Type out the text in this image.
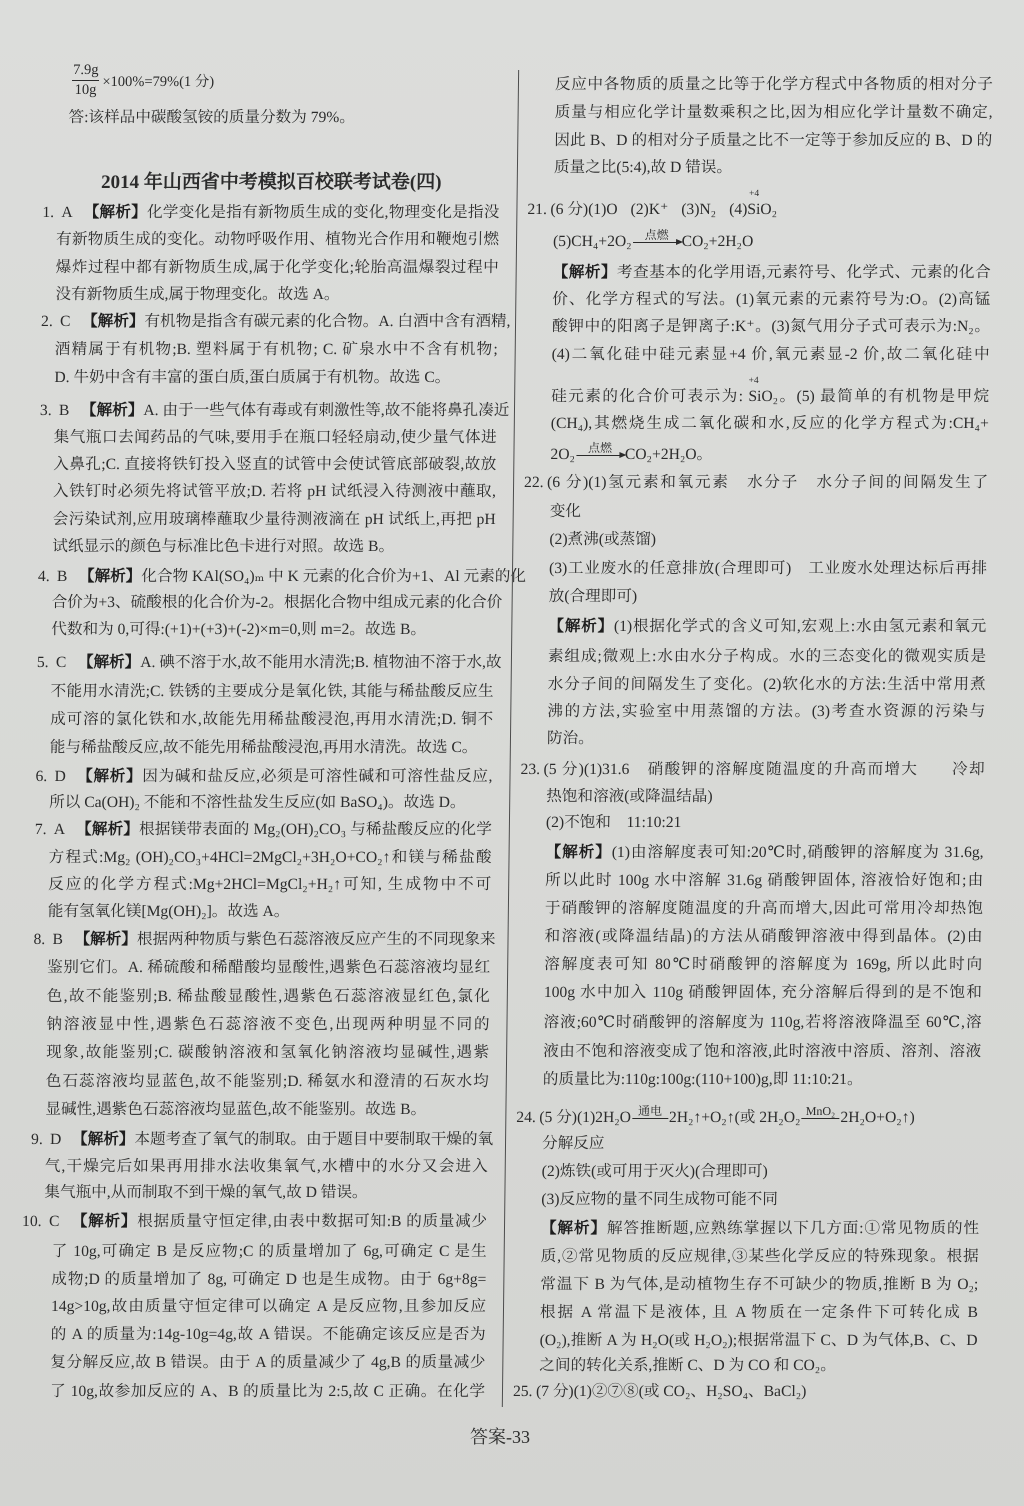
$\frac{7.9g}{10g} \times 100\%=79\%(1$ 分)
答:该样品中碳酸氢铵的质量分数为 79%。
2014 年山西省中考模拟百校联考试卷(四)
1. A 【解析】化学变化是指有新物质生成的变化,物理变化是指没
有新物质生成的变化。动物呼吸作用、植物光合作用和鞭炮引燃
爆炸过程中都有新物质生成,属于化学变化;轮胎高温爆裂过程中
没有新物质生成,属于物理变化。故选 A。
2. C 【解析】有机物是指含有碳元素的化合物。A. 白酒中含有酒精,
酒精属于有机物;B. 塑料属于有机物; C. 矿泉水中不含有机物;
D. 牛奶中含有丰富的蛋白质,蛋白质属于有机物。故选 C。
3. B 【解析】A. 由于一些气体有毒或有刺激性等,故不能将鼻孔凑近
集气瓶口去闻药品的气味,要用手在瓶口轻轻扇动,使少量气体进
入鼻孔;C. 直接将铁钉投入竖直的试管中会使试管底部破裂,故放
入铁钉时必须先将试管平放;D. 若将 pH 试纸浸入待测液中蘸取,
会污染试剂,应用玻璃棒蘸取少量待测液滴在 pH 试纸上,再把 pH
试纸显示的颜色与标准比色卡进行对照。故选 B。
4. B 【解析】化合物 KAl(SO₄)ₘ 中 K 元素的化合价为+1、Al 元素的化
合价为+3、硫酸根的化合价为-2。根据化合物中组成元素的化合价
代数和为 0,可得:(+1)+(+3)+(-2)×m=0,则 m=2。故选 B。
5. C 【解析】A. 碘不溶于水,故不能用水清洗;B. 植物油不溶于水,故
不能用水清洗;C. 铁锈的主要成分是氧化铁, 其能与稀盐酸反应生
成可溶的氯化铁和水,故能先用稀盐酸浸泡,再用水清洗;D. 铜不
能与稀盐酸反应,故不能先用稀盐酸浸泡,再用水清洗。故选 C。
6. D 【解析】因为碱和盐反应,必须是可溶性碱和可溶性盐反应,
所以 Ca(OH)₂ 不能和不溶性盐发生反应(如 BaSO₄)。故选 D。
7. A 【解析】根据镁带表面的 Mg₂(OH)₂CO₃ 与稀盐酸反应的化学
方程式:Mg₂ (OH)₂CO₃+4HCl=2MgCl₂+3H₂O+CO₂↑和镁与稀盐酸
反应的化学方程式:Mg+2HCl=MgCl₂+H₂↑可知, 生成物中不可
能有氢氧化镁[Mg(OH)₂]。故选 A。
8. B 【解析】根据两种物质与紫色石蕊溶液反应产生的不同现象来
鉴别它们。A. 稀硫酸和稀醋酸均显酸性,遇紫色石蕊溶液均显红
色,故不能鉴别;B. 稀盐酸显酸性,遇紫色石蕊溶液显红色,氯化
钠溶液显中性,遇紫色石蕊溶液不变色,出现两种明显不同的
现象,故能鉴别;C. 碳酸钠溶液和氢氧化钠溶液均显碱性,遇紫
色石蕊溶液均显蓝色,故不能鉴别;D. 稀氨水和澄清的石灰水均
显碱性,遇紫色石蕊溶液均显蓝色,故不能鉴别。故选 B。
9. D 【解析】本题考查了氧气的制取。由于题目中要制取干燥的氧
气,干燥完后如果再用排水法收集氧气,水槽中的水分又会进入
集气瓶中,从而制取不到干燥的氧气,故 D 错误。
10. C 【解析】根据质量守恒定律,由表中数据可知:B 的质量减少
了 10g,可确定 B 是反应物;C 的质量增加了 6g,可确定 C 是生
成物;D 的质量增加了 8g, 可确定 D 也是生成物。由于 6g+8g=
14g>10g,故由质量守恒定律可以确定 A 是反应物,且参加反应
的 A 的质量为:14g-10g=4g,故 A 错误。不能确定该反应是否为
复分解反应,故 B 错误。由于 A 的质量减少了 4g,B 的质量减少
了 10g,故参加反应的 A、B 的质量比为 2:5,故 C 正确。在化学
反应中各物质的质量之比等于化学方程式中各物质的相对分子
质量与相应化学计量数乘积之比,因为相应化学计量数不确定,
因此 B、D 的相对分子质量之比不一定等于参加反应的 B、D 的
质量之比(5:4),故 D 错误。
21. (6 分)(1)O (2)K⁺ (3)N₂ (4)
+4
SiO₂
(5)CH₄+2O₂	点燃 CO₂+2H₂O
【解析】考查基本的化学用语,元素符号、化学式、元素的化合
价、化学方程式的写法。(1)氧元素的元素符号为:O。(2)高锰
酸钾中的阳离子是钾离子:K⁺。(3)氮气用分子式可表示为:N₂。
(4)二氧化硅中硅元素显+4 价,氧元素显-2 价,故二氧化硅中
硅元素的化合价可表示为:
+4
SiO₂。(5) 最简单的有机物是甲烷
(CH₄),其燃烧生成二氧化碳和水,反应的化学方程式为:CH₄+
2O₂	点燃 CO₂+2H₂O。
22. (6 分)(1)氢元素和氧元素　水分子　水分子间的间隔发生了
变化
(2)煮沸(或蒸馏)
(3)工业废水的任意排放(合理即可)　工业废水处理达标后再排
放(合理即可)
【解析】(1)根据化学式的含义可知,宏观上:水由氢元素和氧元
素组成;微观上:水由水分子构成。水的三态变化的微观实质是
水分子间的间隔发生了变化。(2)软化水的方法:生活中常用煮
沸的方法,实验室中用蒸馏的方法。(3)考查水资源的污染与
防治。
23. (5 分)(1)31.6　硝酸钾的溶解度随温度的升高而增大　　冷却
热饱和溶液(或降温结晶)
(2)不饱和　11:10:21
【解析】(1)由溶解度表可知:20℃时,硝酸钾的溶解度为 31.6g,
所以此时 100g 水中溶解 31.6g 硝酸钾固体, 溶液恰好饱和;由
于硝酸钾的溶解度随温度的升高而增大,因此可常用冷却热饱
和溶液(或降温结晶)的方法从硝酸钾溶液中得到晶体。(2)由
溶解度表可知 80℃时硝酸钾的溶解度为 169g, 所以此时向
100g 水中加入 110g 硝酸钾固体, 充分溶解后得到的是不饱和
溶液;60℃时硝酸钾的溶解度为 110g,若将溶液降温至 60℃,溶
液由不饱和溶液变成了饱和溶液,此时溶液中溶质、溶剂、溶液
的质量比为:110g:100g:(110+100)g,即 11:10:21。
24. (5 分)(1)2H₂O 通电 2H₂↑+O₂↑(或 2H₂O₂ MnO₂ 2H₂O+O₂↑)
分解反应
(2)炼铁(或可用于灭火)(合理即可)
(3)反应物的量不同生成物可能不同
【解析】解答推断题,应熟练掌握以下几方面:①常见物质的性
质,②常见物质的反应规律,③某些化学反应的特殊现象。根据
常温下 B 为气体,是动植物生存不可缺少的物质,推断 B 为 O₂;
根据 A 常温下是液体, 且 A 物质在一定条件下可转化成 B
(O₂),推断 A 为 H₂O(或 H₂O₂);根据常温下 C、D 为气体,B、C、D
之间的转化关系,推断 C、D 为 CO 和 CO₂。
25. (7 分)(1)②⑦⑧(或 CO₂、H₂SO₄、BaCl₂)
答案-33
